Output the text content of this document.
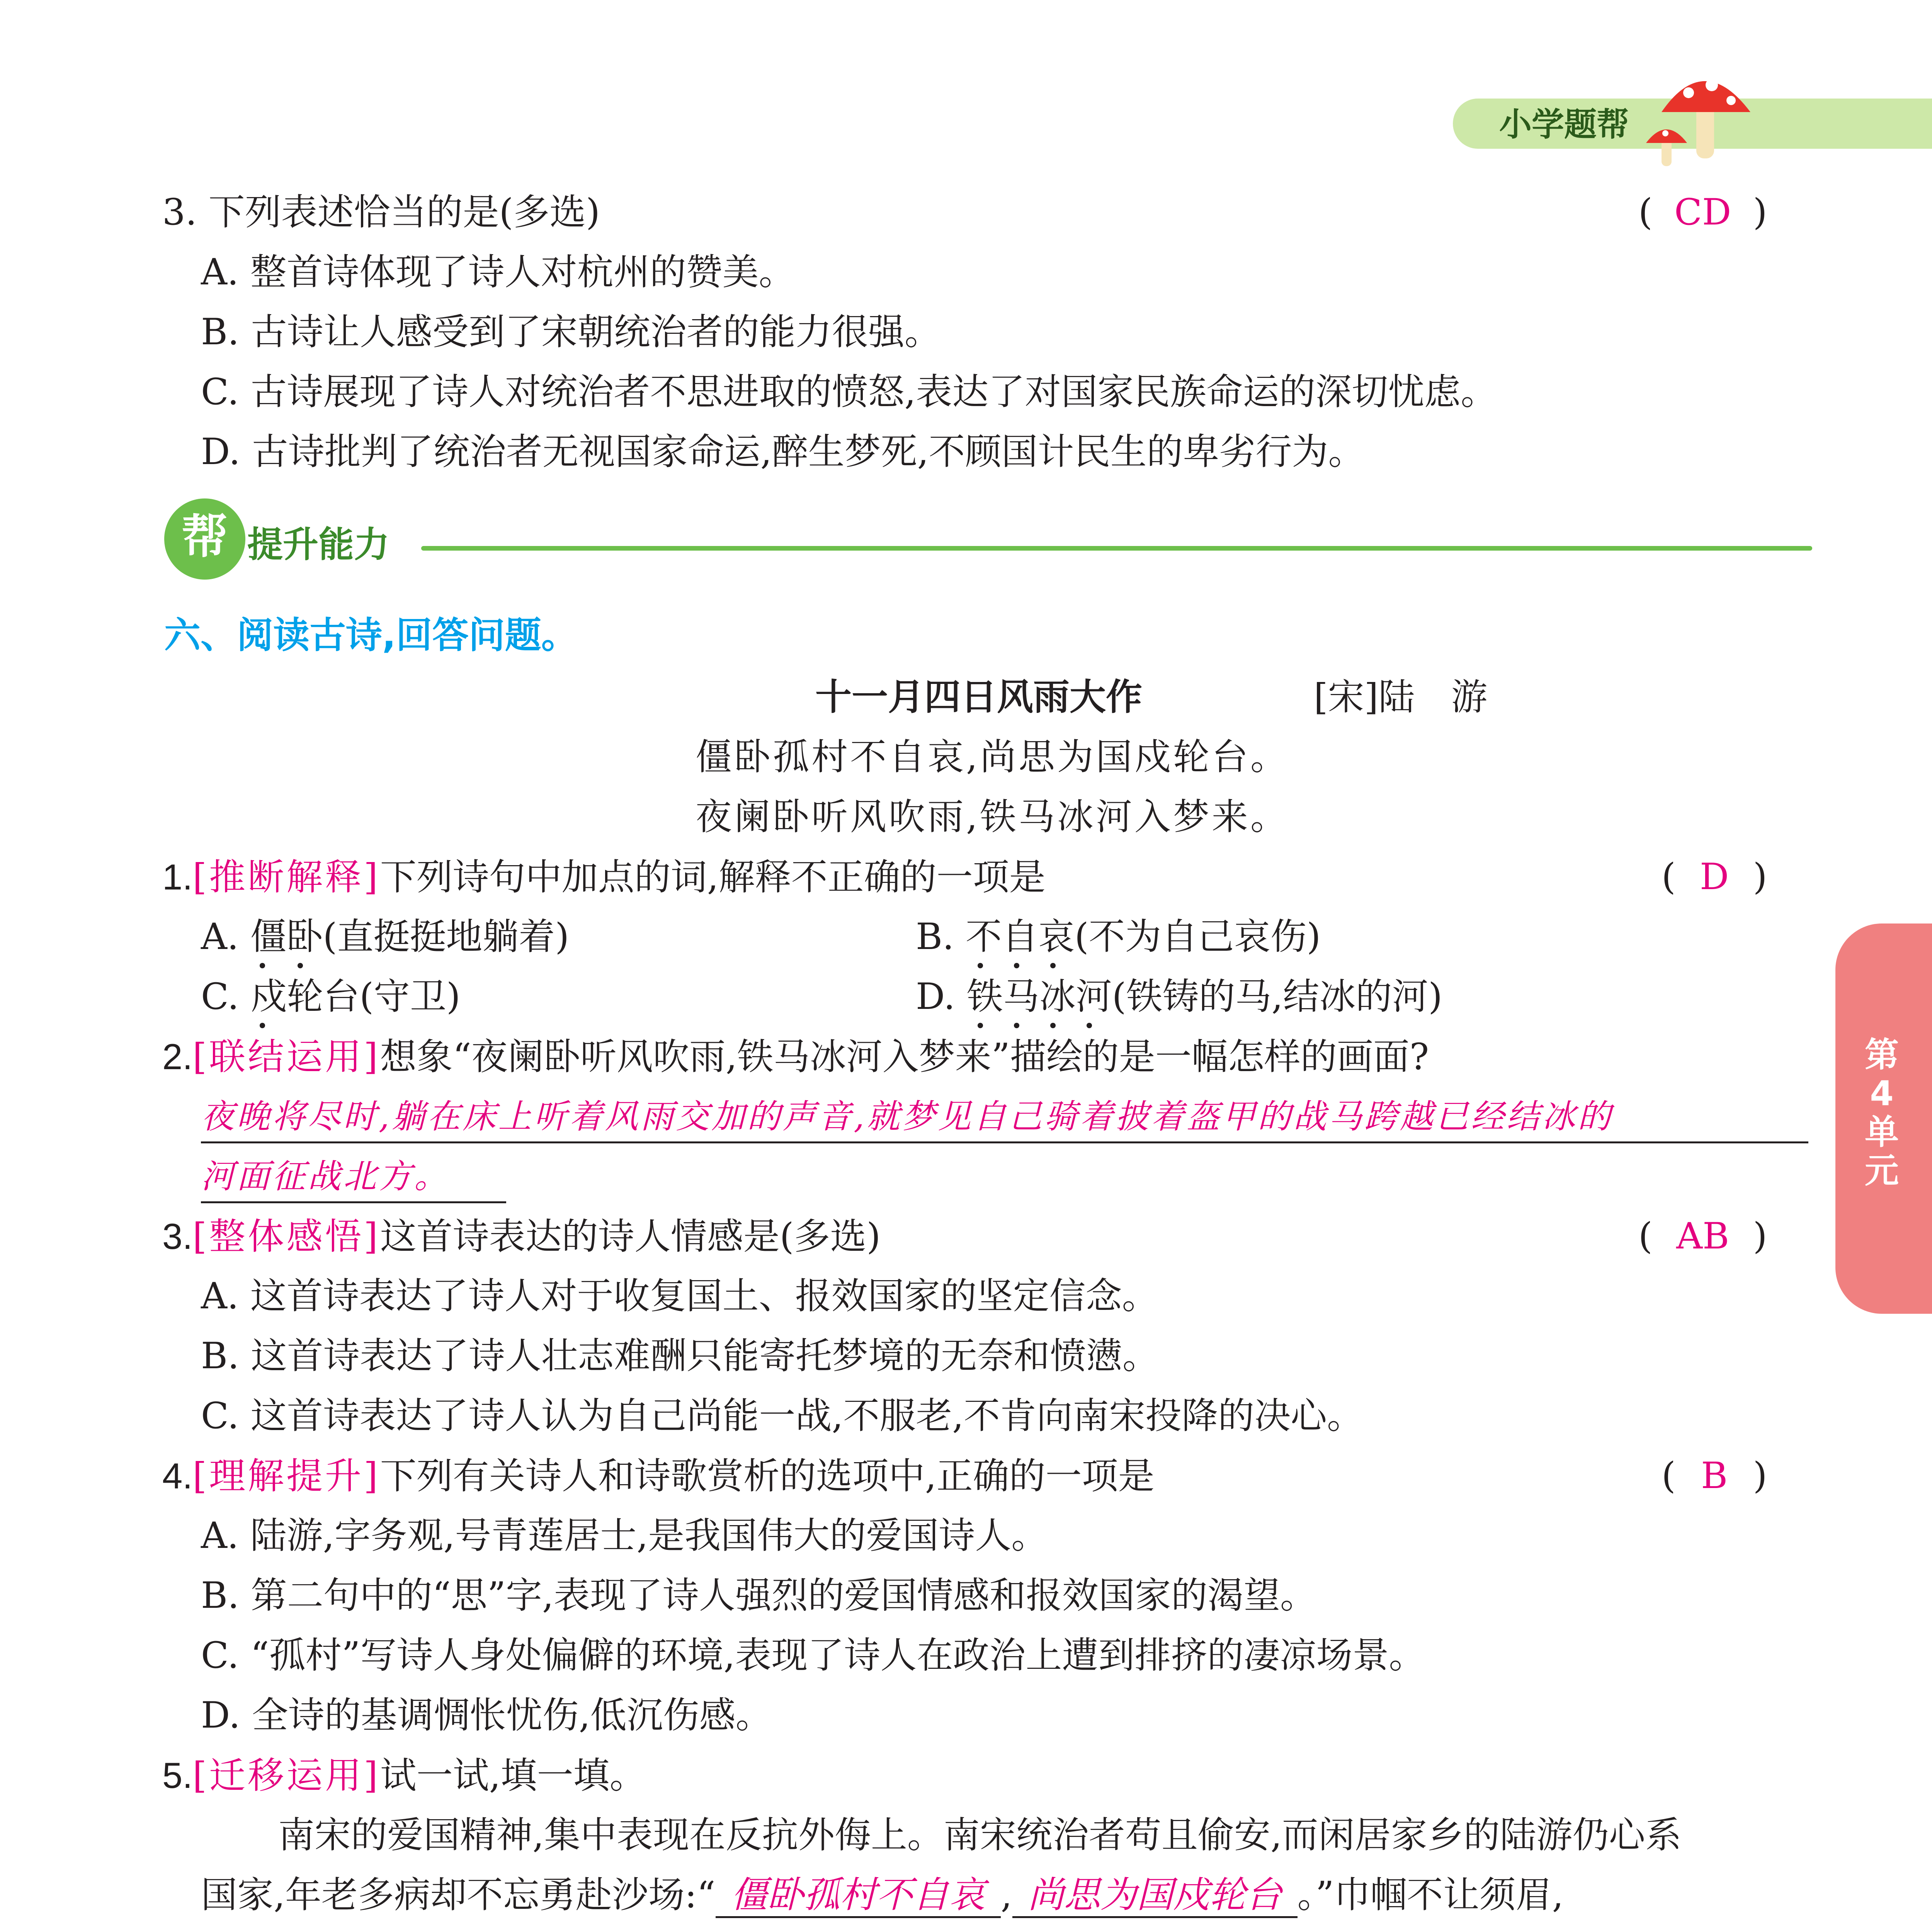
小学题帮
第
4
单元
3. 下列表述恰当的是(多选)	( CD )
A. 整首诗体现了诗人对杭州的赞美。
B. 古诗让人感受到了宋朝统治者的能力很强。
C. 古诗展现了诗人对统治者不思进取的愤怒,表达了对国家民族命运的深切忧虑。
D. 古诗批判了统治者无视国家命运,醉生梦死,不顾国计民生的卑劣行为。
帮 提升能力
六、阅读古诗,回答问题。
十一月四日风雨大作	[宋]陆　游
僵卧孤村不自哀,尚思为国戍轮台。
夜阑卧听风吹雨,铁马冰河入梦来。
1.[推断解释]下列诗句中加点的词,解释不正确的一项是	( D )
A. 僵卧(直挺挺地躺着)	B. 不自哀(不为自己哀伤)
C. 戍轮台(守卫)	D. 铁马冰河(铁铸的马,结冰的河)
2.[联结运用]想象“夜阑卧听风吹雨,铁马冰河入梦来”描绘的是一幅怎样的画面?
夜晚将尽时,躺在床上听着风雨交加的声音,就梦见自己骑着披着盔甲的战马跨越已经结冰的
河面征战北方。
3.[整体感悟]这首诗表达的诗人情感是(多选)	( AB )
A. 这首诗表达了诗人对于收复国土、报效国家的坚定信念。
B. 这首诗表达了诗人壮志难酬只能寄托梦境的无奈和愤懑。
C. 这首诗表达了诗人认为自己尚能一战,不服老,不肯向南宋投降的决心。
4.[理解提升]下列有关诗人和诗歌赏析的选项中,正确的一项是	( B )
A. 陆游,字务观,号青莲居士,是我国伟大的爱国诗人。
B. 第二句中的“思”字,表现了诗人强烈的爱国情感和报效国家的渴望。
C. “孤村”写诗人身处偏僻的环境,表现了诗人在政治上遭到排挤的凄凉场景。
D. 全诗的基调惆怅忧伤,低沉伤感。
5.[迁移运用]试一试,填一填。
南宋的爱国精神,集中表现在反抗外侮上。南宋统治者苟且偷安,而闲居家乡的陆游仍心系
国家,年老多病却不忘勇赴沙场:“ 僵卧孤村不自哀 , 尚思为国戍轮台 。”巾帼不让须眉,
